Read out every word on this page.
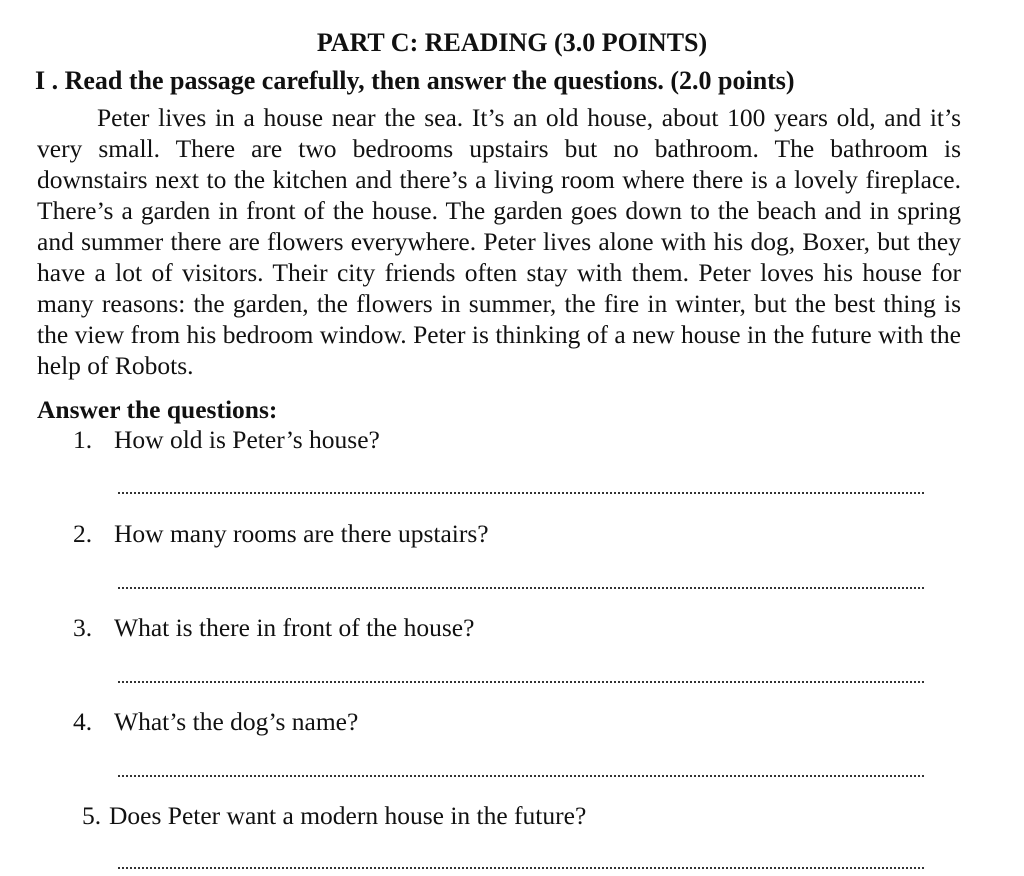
PART C: READING (3.0 POINTS)
I . Read the passage carefully, then answer the questions. (2.0 points)

Peter lives in a house near the sea. It’s an old house, about 100 years old, and it’s very small. There are two bedrooms upstairs but no bathroom. The bathroom is downstairs next to the kitchen and there’s a living room where there is a lovely fireplace. There’s a garden in front of the house. The garden goes down to the beach and in spring and summer there are flowers everywhere. Peter lives alone with his dog, Boxer, but they have a lot of visitors. Their city friends often stay with them. Peter loves his house for many reasons: the garden, the flowers in summer, the fire in winter, but the best thing is the view from his bedroom window. Peter is thinking of a new house in the future with the help of Robots.

Answer the questions:
1. How old is Peter’s house?
2. How many rooms are there upstairs?
3. What is there in front of the house?
4. What’s the dog’s name?
5. Does Peter want a modern house in the future?
